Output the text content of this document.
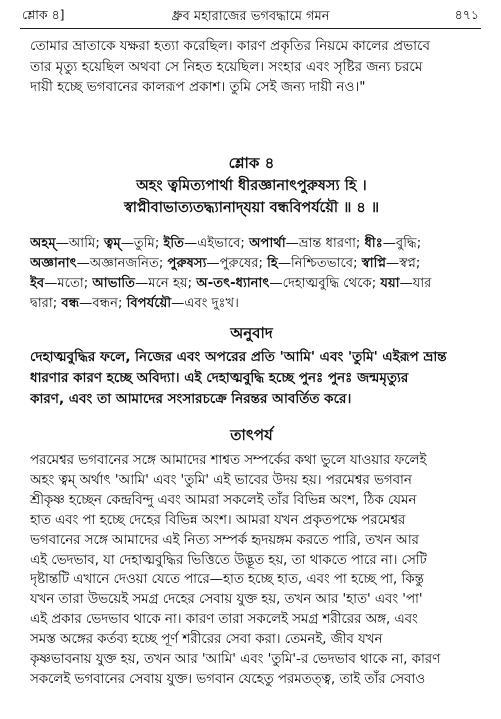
শ্লোক ৪]	ধ্রুব মহারাজের ভগবদ্ধামে গমন	৪৭১

তোমার ভ্রাতাকে যক্ষরা হত্যা করেছিল। কারণ প্রকৃতির নিয়মে কালের প্রভাবে

তার মৃত্যু হয়েছিল অথবা সে নিহত হয়েছিল। সংহার এবং সৃষ্টির জন্য চরমে

দায়ী হচ্ছে ভগবানের কালরূপ প্রকাশ। তুমি সেই জন্য দায়ী নও।"

শ্লোক ৪

অহং ত্বমিত্যপার্থা ধীরজ্ঞানাৎপুরুষস্য হি ।

স্বাপ্নীবাভাত্যতদ্ধ্যানাদ্‌যয়া বন্ধবিপর্যয়ৌ ॥ ৪ ॥

অহম্—আমি; ত্বম্—তুমি; ইতি—এইভাবে; অপার্থা—ভ্রান্ত ধারণা; ধীঃ—বুদ্ধি;

অজ্ঞানাৎ—অজ্ঞানজনিত; পুরুষস্য—পুরুষের; হি—নিশ্চিতভাবে; স্বাপ্নি—স্বপ্ন;

ইব—মতো; আভাতি—মনে হয়; অ-তৎ-ধ্যানাৎ—দেহাত্মবুদ্ধি থেকে; যয়া—যার

দ্বারা; বন্ধ—বন্ধন; বিপর্যয়ৌ—এবং দুঃখ।

অনুবাদ

দেহাত্মবুদ্ধির ফলে, নিজের এবং অপরের প্রতি 'আমি' এবং 'তুমি' এইরূপ ভ্রান্ত

ধারণার কারণ হচ্ছে অবিদ্যা। এই দেহাত্মবুদ্ধি হচ্ছে পুনঃ পুনঃ জন্মমৃত্যুর

কারণ, এবং তা আমাদের সংসারচক্রে নিরন্তর আবর্তিত করে।

তাৎপর্য

পরমেশ্বর ভগবানের সঙ্গে আমাদের শাশ্বত সম্পর্কের কথা ভুলে যাওয়ার ফলেই

অহং ত্বম্ অর্থাৎ 'আমি' এবং 'তুমি' এই ভাবের উদয় হয়। পরমেশ্বর ভগবান

শ্রীকৃষ্ণ হচ্ছেন কেন্দ্রবিন্দু এবং আমরা সকলেই তাঁর বিভিন্ন অংশ, ঠিক যেমন

হাত এবং পা হচ্ছে দেহের বিভিন্ন অংশ। আমরা যখন প্রকৃতপক্ষে পরমেশ্বর

ভগবানের সঙ্গে আমাদের এই নিত্য সম্পর্ক হৃদয়ঙ্গম করতে পারি, তখন আর

এই ভেদভাব, যা দেহাত্মবুদ্ধির ভিত্তিতে উদ্ভূত হয়, তা থাকতে পারে না। সেটি

দৃষ্টান্তটি এখানে দেওয়া যেতে পারে—হাত হচ্ছে হাত, এবং পা হচ্ছে পা, কিন্তু

যখন তারা উভয়েই সমগ্র দেহের সেবায় যুক্ত হয়, তখন আর 'হাত' এবং 'পা'

এই প্রকার ভেদভাব থাকে না। কারণ তারা সকলেই সমগ্র শরীরের অঙ্গ, এবং

সমস্ত অঙ্গের কর্তব্য হচ্ছে পূর্ণ শরীরের সেবা করা। তেমনই, জীব যখন

কৃষ্ণভাবনায় যুক্ত হয়, তখন আর 'আমি' এবং 'তুমি'-র ভেদভাব থাকে না, কারণ

সকলেই ভগবানের সেবায় যুক্ত। ভগবান যেহেতু পরমতত্ত্ব, তাই তাঁর সেবাও
